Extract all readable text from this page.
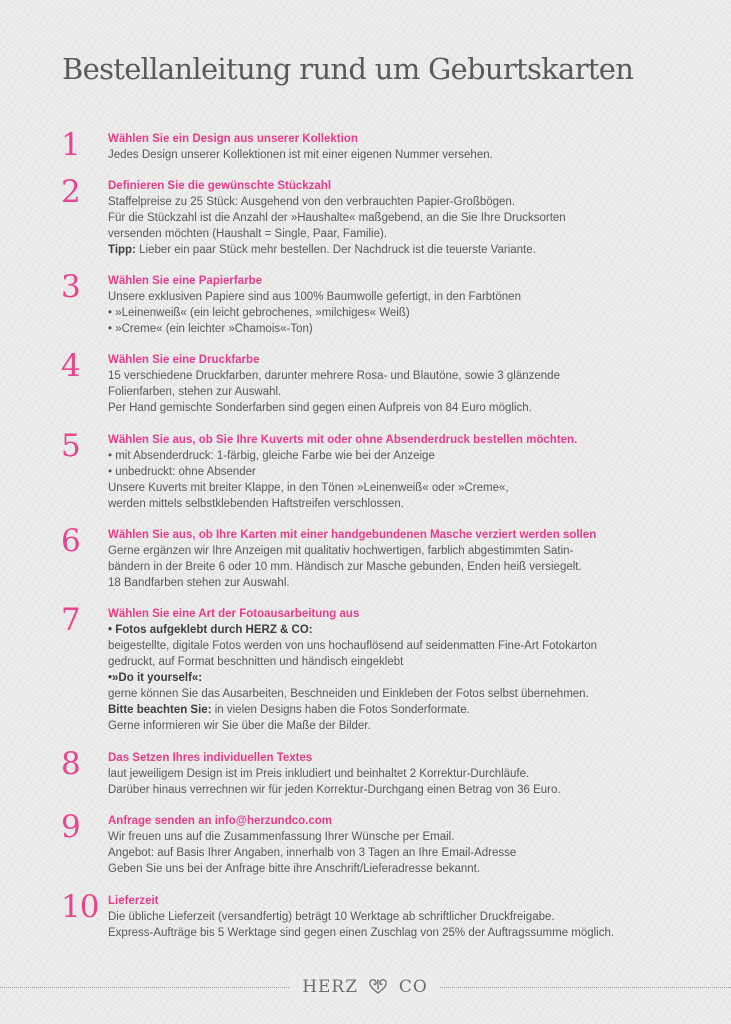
Bestellanleitung rund um Geburtskarten
1	Wählen Sie ein Design aus unserer Kollektion
Jedes Design unserer Kollektionen ist mit einer eigenen Nummer versehen.
2	Definieren Sie die gewünschte Stückzahl
Staffelpreise zu 25 Stück: Ausgehend von den verbrauchten Papier-Großbögen.
Für die Stückzahl ist die Anzahl der »Haushalte« maßgebend, an die Sie Ihre Drucksorten
versenden möchten (Haushalt = Single, Paar, Familie).
Tipp: Lieber ein paar Stück mehr bestellen. Der Nachdruck ist die teuerste Variante.
3	Wählen Sie eine Papierfarbe
Unsere exklusiven Papiere sind aus 100% Baumwolle gefertigt, in den Farbtönen
• »Leinenweiß« (ein leicht gebrochenes, »milchiges« Weiß)
• »Creme« (ein leichter »Chamois«-Ton)
4	Wählen Sie eine Druckfarbe
15 verschiedene Druckfarben, darunter mehrere Rosa- und Blautöne, sowie 3 glänzende
Folienfarben, stehen zur Auswahl.
Per Hand gemischte Sonderfarben sind gegen einen Aufpreis von 84 Euro möglich.
5	Wählen Sie aus, ob Sie Ihre Kuverts mit oder ohne Absenderdruck bestellen möchten.
• mit Absenderdruck: 1-färbig, gleiche Farbe wie bei der Anzeige
• unbedruckt: ohne Absender
Unsere Kuverts mit breiter Klappe, in den Tönen »Leinenweiß« oder »Creme«,
werden mittels selbstklebenden Haftstreifen verschlossen.
6	Wählen Sie aus, ob Ihre Karten mit einer handgebundenen Masche verziert werden sollen
Gerne ergänzen wir Ihre Anzeigen mit qualitativ hochwertigen, farblich abgestimmten Satin-
bändern in der Breite 6 oder 10 mm. Händisch zur Masche gebunden, Enden heiß versiegelt.
18 Bandfarben stehen zur Auswahl.
7	Wählen Sie eine Art der Fotoausarbeitung aus
• Fotos aufgeklebt durch HERZ & CO:
beigestellte, digitale Fotos werden von uns hochauflösend auf seidenmatten Fine-Art Fotokarton
gedruckt, auf Format beschnitten und händisch eingeklebt
•»Do it yourself«:
gerne können Sie das Ausarbeiten, Beschneiden und Einkleben der Fotos selbst übernehmen.
Bitte beachten Sie: in vielen Designs haben die Fotos Sonderformate.
Gerne informieren wir Sie über die Maße der Bilder.
8	Das Setzen Ihres individuellen Textes
laut jeweiligem Design ist im Preis inkludiert und beinhaltet 2 Korrektur-Durchläufe.
Darüber hinaus verrechnen wir für jeden Korrektur-Durchgang einen Betrag von 36 Euro.
9	Anfrage senden an info@herzundco.com
Wir freuen uns auf die Zusammenfassung Ihrer Wünsche per Email.
Angebot: auf Basis Ihrer Angaben, innerhalb von 3 Tagen an Ihre Email-Adresse
Geben Sie uns bei der Anfrage bitte ihre Anschrift/Lieferadresse bekannt.
10 Lieferzeit
Die übliche Lieferzeit (versandfertig) beträgt 10 Werktage ab schriftlicher Druckfreigabe.
Express-Aufträge bis 5 Werktage sind gegen einen Zuschlag von 25% der Auftragssumme möglich.
HERZ CO
